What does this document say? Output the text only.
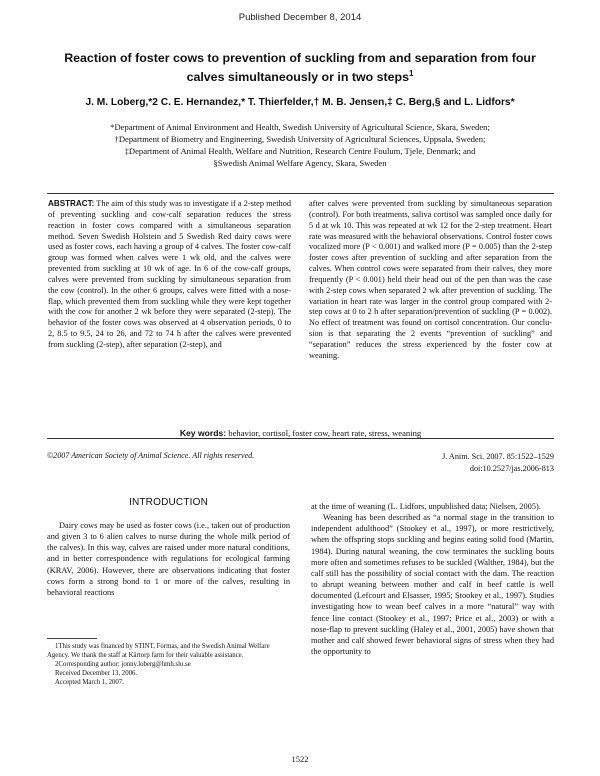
Published December 8, 2014
Reaction of foster cows to prevention of suckling from and separation from four calves simultaneously or in two steps$^1$
J. M. Loberg,*2 C. E. Hernandez,* T. Thierfelder,† M. B. Jensen,‡ C. Berg,§ and L. Lidfors*
*Department of Animal Environment and Health, Swedish University of Agricultural Science, Skara, Sweden;
†Department of Biometry and Engineering, Swedish University of Agricultural Sciences, Uppsala, Sweden;
‡Department of Animal Health, Welfare and Nutrition, Research Centre Foulum, Tjele, Denmark; and
§Swedish Animal Welfare Agency, Skara, Sweden
ABSTRACT: The aim of this study was to investigate if a 2-step method of preventing suckling and cow-calf separation reduces the stress reaction in foster cows compared with a simultaneous separation method. Seven Swedish Holstein and 5 Swedish Red dairy cows were used as foster cows, each having a group of 4 calves. The foster cow-calf group was formed when calves were 1 wk old, and the calves were prevented from suckling at 10 wk of age. In 6 of the cow-calf groups, calves were prevented from suckling by simultaneous separation from the cow (control). In the other 6 groups, calves were fitted with a nose-flap, which prevented them from suckling while they were kept together with the cow for another 2 wk before they were separated (2-step). The behavior of the foster cows was observed at 4 observation periods, 0 to 2, 8.5 to 9.5, 24 to 26, and 72 to 74 h after the calves were prevented from suckling (2-step), after separation (2-step), and
after calves were prevented from suckling by simultaneous separation (control). For both treatments, saliva cortisol was sampled once daily for 5 d at wk 10. This was repeated at wk 12 for the 2-step treatment. Heart rate was measured with the behavioral observations. Control foster cows vocalized more (P < 0.001) and walked more (P = 0.005) than the 2-step foster cows after prevention of suckling and after separation from the calves. When control cows were separated from their calves, they more frequently (P < 0.001) held their head out of the pen than was the case with 2-step cows when separated 2 wk after prevention of suckling. The variation in heart rate was larger in the control group compared with 2-step cows at 0 to 2 h after separation/prevention of suckling (P = 0.002). No effect of treatment was found on cortisol concentration. Our conclusion is that separating the 2 events “prevention of suckling” and “separation” reduces the stress experienced by the foster cow at weaning.
Key words: behavior, cortisol, foster cow, heart rate, stress, weaning
©2007 American Society of Animal Science. All rights reserved.	J. Anim. Sci. 2007. 85:1522–1529
doi:10.2527/jas.2006-813
INTRODUCTION

Dairy cows may be used as foster cows (i.e., taken out of production and given 3 to 6 alien calves to nurse during the whole milk period of the calves). In this way, calves are raised under more natural conditions, and in better correspondence with regulations for ecological farming (KRAV, 2006). However, there are observations indicating that foster cows form a strong bond to 1 or more of the calves, resulting in behavioral reactions

at the time of weaning (L. Lidfors, unpublished data; Nielsen, 2005).

Weaning has been described as “a normal stage in the transition to independent adulthood” (Stookey et al., 1997), or more restrictively, when the offspring stops suckling and begins eating solid food (Martin, 1984). During natural weaning, the cow terminates the suckling bouts more often and sometimes refuses to be suckled (Walther, 1984), but the calf still has the possibility of social contact with the dam. The reaction to abrupt weaning between mother and calf in beef cattle is well documented (Lefcourt and Elsasser, 1995; Stookey et al., 1997). Studies investigating how to wean beef calves in a more “natural” way with fence line contact (Stookey et al., 1997; Price et al., 2003) or with a nose-flap to prevent suckling (Haley et al., 2001, 2005) have shown that mother and calf showed fewer behavioral signs of stress when they had the opportunity to

1This study was financed by STINT, Formas, and the Swedish Animal Welfare Agency. We thank the staff at Kärtorp farm for their valuable assistance.

2Corresponding author: jonny.loberg@hmh.slu.se

Received December 13, 2006.

Accepted March 1, 2007.

1522
